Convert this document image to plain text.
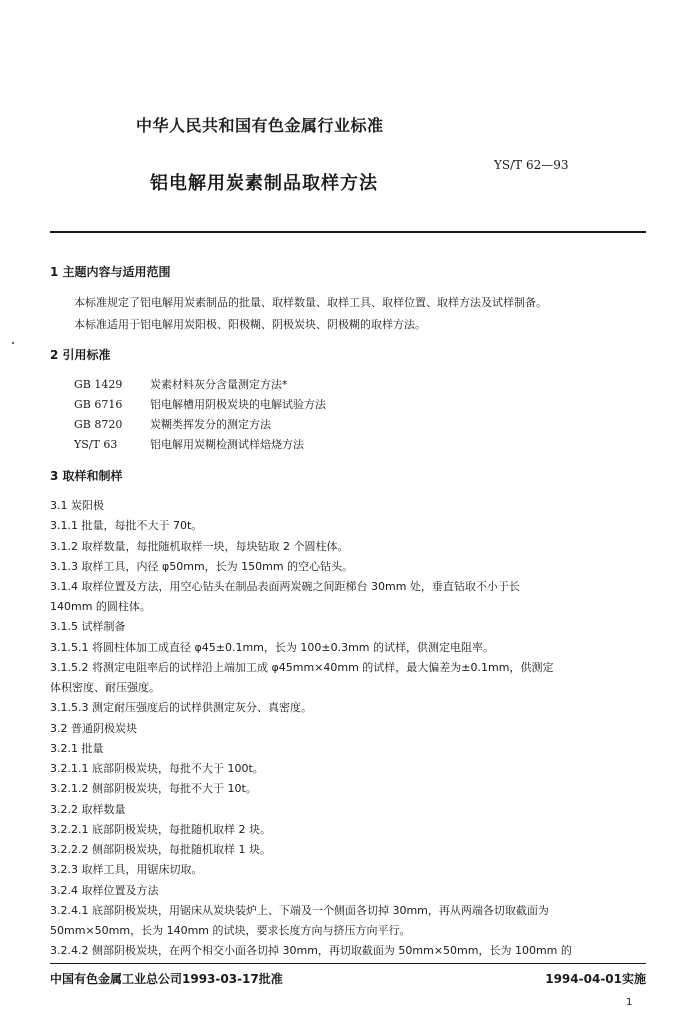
中华人民共和国有色金属行业标准
YS/T 62—93
铝电解用炭素制品取样方法
1 主题内容与适用范围
本标准规定了铝电解用炭素制品的批量、取样数量、取样工具、取样位置、取样方法及试样制备。
本标准适用于铝电解用炭阳极、阳极糊、阴极炭块、阴极糊的取样方法。
2 引用标准
GB 1429	炭素材料灰分含量测定方法*
GB 6716	铝电解槽用阴极炭块的电解试验方法
GB 8720	炭糊类挥发分的测定方法
YS/T 63	铝电解用炭糊检测试样焙烧方法
3 取样和制样
3.1 炭阳极
3.1.1 批量，每批不大于 70t。
3.1.2 取样数量，每批随机取样一块，每块钻取 2 个圆柱体。
3.1.3 取样工具，内径 φ50mm，长为 150mm 的空心钻头。
3.1.4 取样位置及方法，用空心钻头在制品表面两炭碗之间距梯台 30mm 处，垂直钻取不小于长
140mm 的圆柱体。
3.1.5 试样制备
3.1.5.1 将圆柱体加工成直径 φ45±0.1mm，长为 100±0.3mm 的试样，供测定电阻率。
3.1.5.2 将测定电阻率后的试样沿上端加工成 φ45mm×40mm 的试样，最大偏差为±0.1mm，供测定
体积密度、耐压强度。
3.1.5.3 测定耐压强度后的试样供测定灰分、真密度。
3.2 普通阴极炭块
3.2.1 批量
3.2.1.1 底部阴极炭块，每批不大于 100t。
3.2.1.2 侧部阴极炭块，每批不大于 10t。
3.2.2 取样数量
3.2.2.1 底部阴极炭块，每批随机取样 2 块。
3.2.2.2 侧部阴极炭块，每批随机取样 1 块。
3.2.3 取样工具，用锯床切取。
3.2.4 取样位置及方法
3.2.4.1 底部阴极炭块，用锯床从炭块装炉上、下端及一个侧面各切掉 30mm，再从两端各切取截面为
50mm×50mm，长为 140mm 的试块，要求长度方向与挤压方向平行。
3.2.4.2 侧部阴极炭块，在两个相交小面各切掉 30mm，再切取截面为 50mm×50mm，长为 100mm 的
中国有色金属工业总公司1993-03-17批准	1994-04-01实施
1
